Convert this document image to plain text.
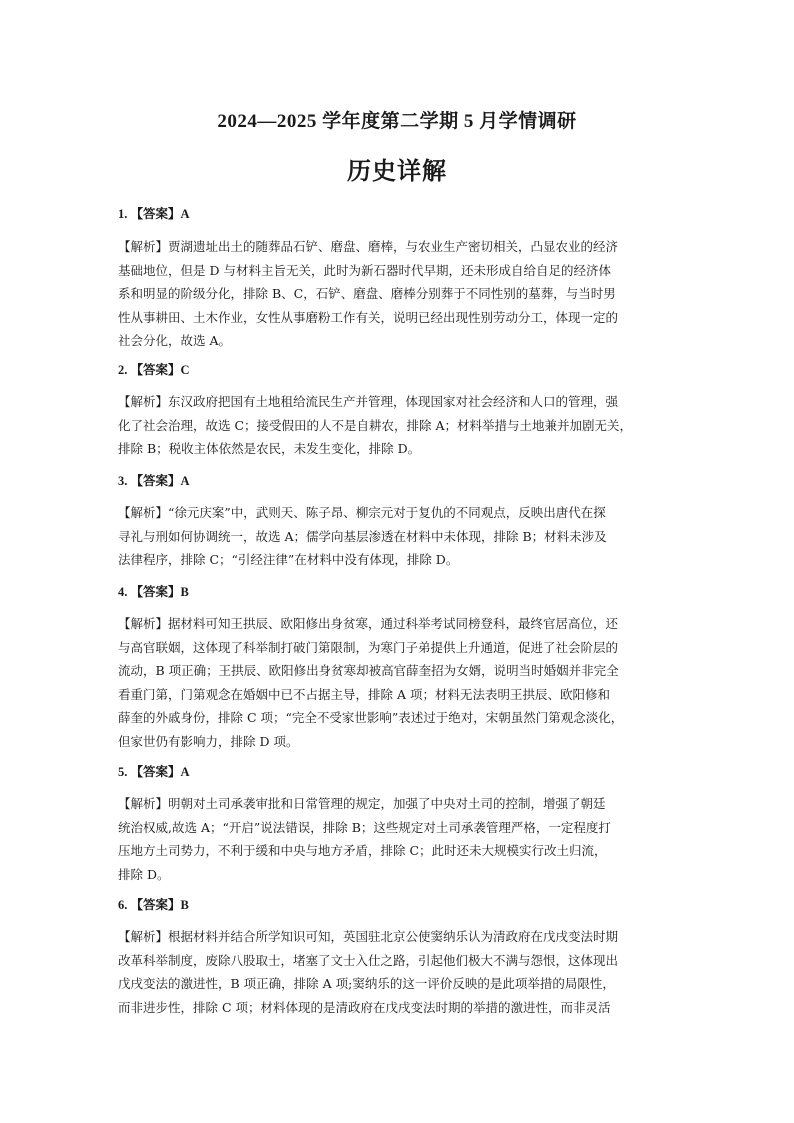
2024—2025 学年度第二学期 5 月学情调研
历史详解
1. 【答案】A

【解析】贾湖遗址出土的随葬品石铲、磨盘、磨棒，与农业生产密切相关，凸显农业的经济

基础地位，但是 D 与材料主旨无关，此时为新石器时代早期，还未形成自给自足的经济体

系和明显的阶级分化，排除 B、C，石铲、磨盘、磨棒分别葬于不同性别的墓葬，与当时男

性从事耕田、土木作业，女性从事磨粉工作有关，说明已经出现性别劳动分工，体现一定的

社会分化，故选 A。

2. 【答案】C

【解析】东汉政府把国有土地租给流民生产并管理，体现国家对社会经济和人口的管理，强

化了社会治理，故选 C；接受假田的人不是自耕农，排除 A；材料举措与土地兼并加剧无关，

排除 B；税收主体依然是农民，未发生变化，排除 D。

3. 【答案】A

【解析】“徐元庆案”中，武则天、陈子昂、柳宗元对于复仇的不同观点，反映出唐代在探

寻礼与刑如何协调统一，故选 A；儒学向基层渗透在材料中未体现，排除 B；材料未涉及

法律程序，排除 C；“引经注律”在材料中没有体现，排除 D。

4. 【答案】B

【解析】据材料可知王拱辰、欧阳修出身贫寒，通过科举考试同榜登科，最终官居高位，还

与高官联姻，这体现了科举制打破门第限制，为寒门子弟提供上升通道，促进了社会阶层的

流动，B 项正确；王拱辰、欧阳修出身贫寒却被高官薛奎招为女婿，说明当时婚姻并非完全

看重门第，门第观念在婚姻中已不占据主导，排除 A 项；材料无法表明王拱辰、欧阳修和

薛奎的外戚身份，排除 C 项；“完全不受家世影响”表述过于绝对，宋朝虽然门第观念淡化，

但家世仍有影响力，排除 D 项。

5. 【答案】A

【解析】明朝对土司承袭审批和日常管理的规定，加强了中央对土司的控制，增强了朝廷

统治权威,故选 A；“开启”说法错误，排除 B；这些规定对土司承袭管理严格，一定程度打

压地方土司势力，不利于缓和中央与地方矛盾，排除 C；此时还未大规模实行改土归流，

排除 D。

6. 【答案】B

【解析】根据材料并结合所学知识可知，英国驻北京公使窦纳乐认为清政府在戊戌变法时期

改革科举制度，废除八股取士，堵塞了文士入仕之路，引起他们极大不满与怨恨，这体现出

戊戌变法的激进性，B 项正确，排除 A 项;窦纳乐的这一评价反映的是此项举措的局限性，

而非进步性，排除 C 项；材料体现的是清政府在戊戌变法时期的举措的激进性，而非灵活
